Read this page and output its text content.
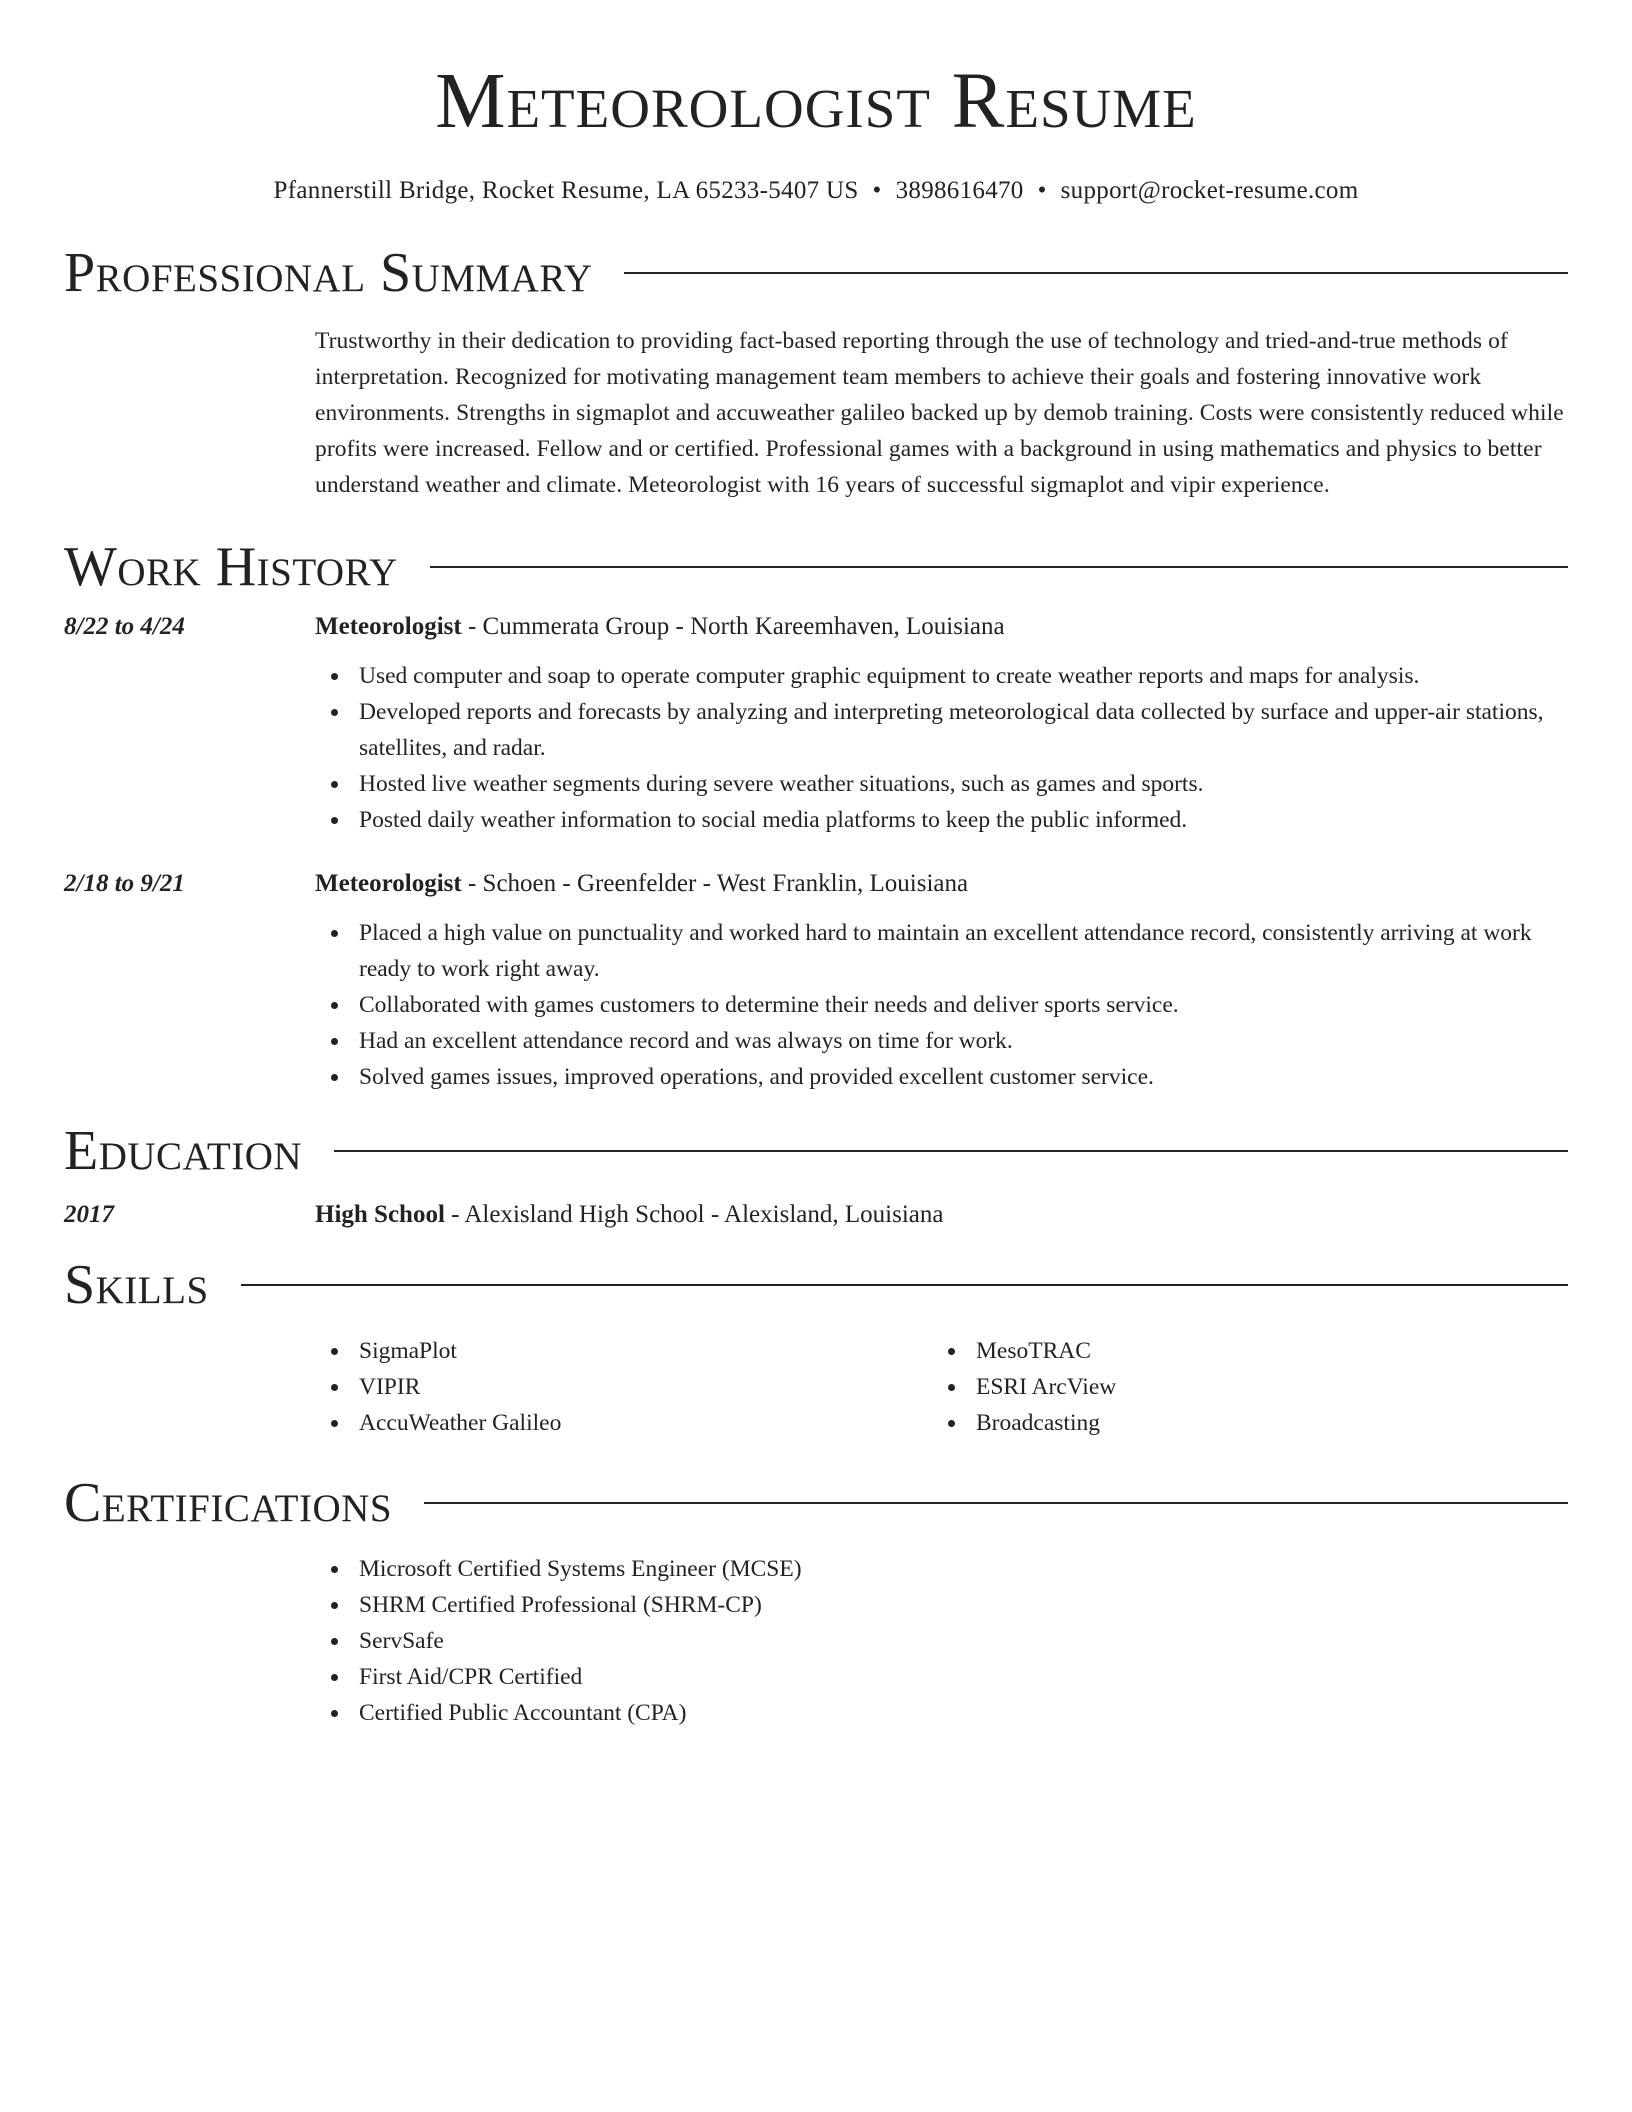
Meteorologist Resume
Pfannerstill Bridge, Rocket Resume, LA 65233-5407 US • 3898616470 • support@rocket-resume.com
Professional Summary

Trustworthy in their dedication to providing fact-based reporting through the use of technology and tried-and-true methods of interpretation. Recognized for motivating management team members to achieve their goals and fostering innovative work environments. Strengths in sigmaplot and accuweather galileo backed up by demob training. Costs were consistently reduced while profits were increased. Fellow and or certified. Professional games with a background in using mathematics and physics to better understand weather and climate. Meteorologist with 16 years of successful sigmaplot and vipir experience.

Work History
8/22 to 4/24	Meteorologist - Cummerata Group - North Kareemhaven, Louisiana
Used computer and soap to operate computer graphic equipment to create weather reports and maps for analysis.
Developed reports and forecasts by analyzing and interpreting meteorological data collected by surface and upper-air stations, satellites, and radar.
Hosted live weather segments during severe weather situations, such as games and sports.
Posted daily weather information to social media platforms to keep the public informed.
2/18 to 9/21	Meteorologist - Schoen - Greenfelder - West Franklin, Louisiana
Placed a high value on punctuality and worked hard to maintain an excellent attendance record, consistently arriving at work ready to work right away.
Collaborated with games customers to determine their needs and deliver sports service.
Had an excellent attendance record and was always on time for work.
Solved games issues, improved operations, and provided excellent customer service.
Education
2017	High School - Alexisland High School - Alexisland, Louisiana
Skills
SigmaPlot
VIPIR
AccuWeather Galileo
MesoTRAC
ESRI ArcView
Broadcasting
Certifications
Microsoft Certified Systems Engineer (MCSE)
SHRM Certified Professional (SHRM-CP)
ServSafe
First Aid/CPR Certified
Certified Public Accountant (CPA)
